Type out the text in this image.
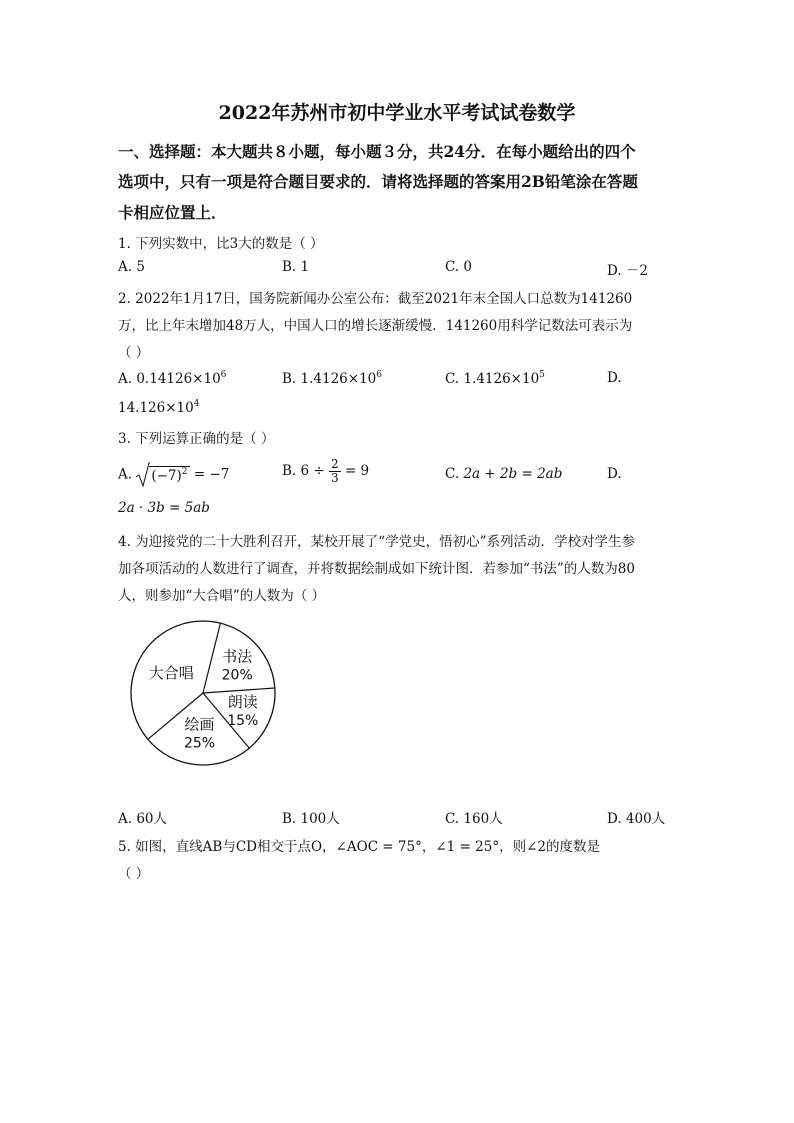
2022年苏州市初中学业水平考试试卷数学
一、选择题：本大题共８小题，每小题３分，共24分．在每小题给出的四个
选项中，只有一项是符合题目要求的．请将选择题的答案用2B铅笔涂在答题
卡相应位置上．
1. 下列实数中，比3大的数是（ ）
A. 5	B. 1	C. 0	D. －2
2. 2022年1月17日，国务院新闻办公室公布：截至2021年末全国人口总数为141260
万，比上年末增加48万人，中国人口的增长逐渐缓慢．141260用科学记数法可表示为
（ ）
A. $0.14126\times 10^6$	B. $1.4126\times 10^6$	C. $1.4126\times 10^5$	D.
$14.126\times 10^4$
3. 下列运算正确的是（ ）
A. $(-7)^2 = -7$	B. $6 \div \frac{2}{3} = 9$	C. 2a + 2b = 2ab	D.
2a · 3b = 5ab
4. 为迎接党的二十大胜利召开，某校开展了“学党史，悟初心”系列活动．学校对学生参
加各项活动的人数进行了调查，并将数据绘制成如下统计图．若参加“书法”的人数为80
人，则参加“大合唱”的人数为（ ）
书法
20%
朗读
15%
绘画
25%
大合唱
A. 60人	B. 100人	C. 160人	D. 400人
5. 如图，直线AB与CD相交于点O，∠AOC = 75°，∠1 = 25°，则∠2的度数是
（ ）
